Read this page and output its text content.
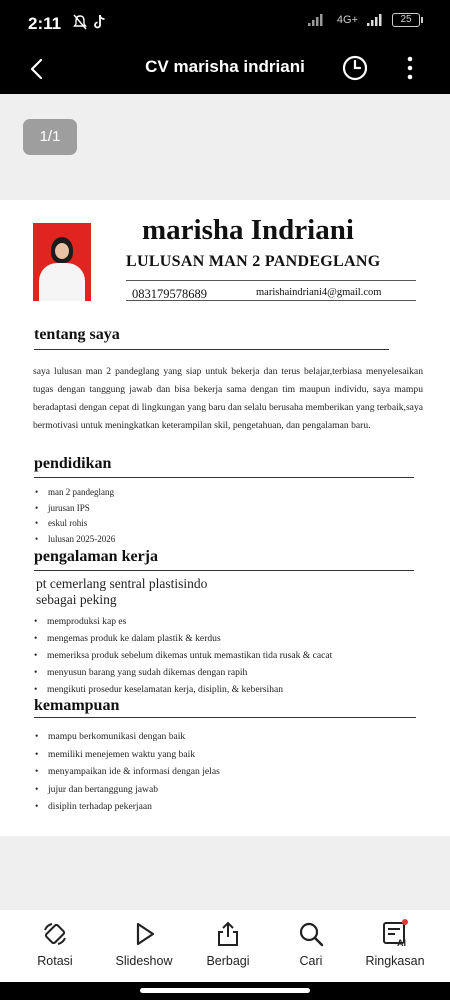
2:11	4G+	25
CV marisha indriani
1/1
marisha Indriani
LULUSAN MAN 2 PANDEGLANG
083179578689	marishaindriani4@gmail.com
tentang saya
saya lulusan man 2 pandeglang yang siap untuk bekerja dan terus belajar,terbiasa menyelesaikan tugas dengan tanggung jawab dan bisa bekerja sama dengan tim maupun individu, saya mampu beradaptasi dengan cepat di lingkungan yang baru dan selalu berusaha memberikan yang terbaik,saya bermotivasi untuk meningkatkan keterampilan skil, pengetahuan, dan pengalaman baru.
pendidikan
• man 2 pandeglang
• jurusan IPS
• eskul rohis
• lulusan 2025-2026
pengalaman kerja
pt cemerlang sentral plastisindo
sebagai peking
• memproduksi kap es
• mengemas produk ke dalam plastik & kerdus
• memeriksa produk sebelum dikemas untuk memastikan tida rusak & cacat
• menyusun barang yang sudah dikemas dengan rapih
• mengikuti prosedur keselamatan kerja, disiplin, & kebersihan
kemampuan
• mampu berkomunikasi dengan baik
• memiliki menejemen waktu yang baik
• menyampaikan ide & informasi dengan jelas
• jujur dan bertanggung jawab
• disiplin terhadap pekerjaan
Rotasi	Slideshow	Berbagi	Cari
AI
Ringkasan
